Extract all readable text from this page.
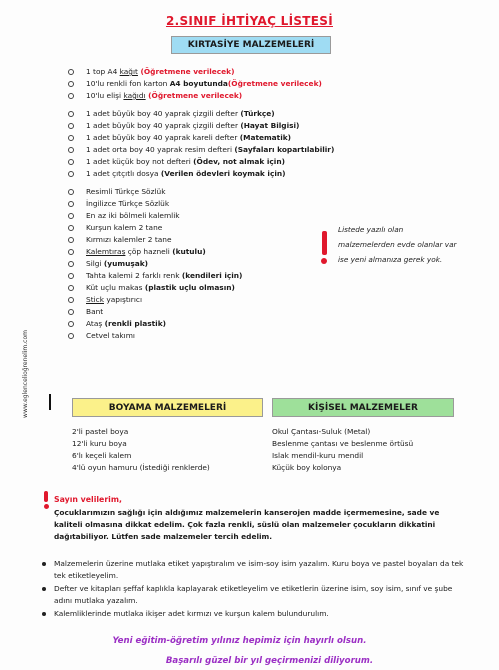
2.SINIF İHTİYAÇ LİSTESİ
KIRTASİYE MALZEMELERİ
1 top A4 kağıt (Öğretmene verilecek)
10'lu renkli fon karton A4 boyutunda(Öğretmene verilecek)
10'lu elişi kağıdı (Öğretmene verilecek)
1 adet büyük boy 40 yaprak çizgili defter (Türkçe)
1 adet büyük boy 40 yaprak çizgili defter (Hayat Bilgisi)
1 adet büyük boy 40 yaprak kareli defter (Matematik)
1 adet orta boy 40 yaprak resim defteri (Sayfaları kopartılabilir)
1 adet küçük boy not defteri (Ödev, not almak için)
1 adet çıtçıtlı dosya (Verilen ödevleri koymak için)
Resimli Türkçe Sözlük
İngilizce Türkçe Sözlük
En az iki bölmeli kalemlik
Kurşun kalem 2 tane
Kırmızı kalemler 2 tane
Kalemtıraş çöp hazneli (kutulu)
Silgi (yumuşak)
Tahta kalemi 2 farklı renk (kendileri için)
Küt uçlu makas (plastik uçlu olmasın)
Stick yapıştırıcı
Bant
Ataş (renkli plastik)
Cetvel takımı
www.eglencelioğrenelim.com
Listede yazılı olan malzemelerden evde olanlar var ise yeni almanıza gerek yok.
BOYAMA MALZEMELERİ	KİŞİSEL MALZEMELER
2'li pastel boya
12'li kuru boya
6'lı keçeli kalem
4'lü oyun hamuru (İstediği renklerde)
Okul Çantası-Suluk (Metal)
Beslenme çantası ve beslenme örtüsü
Islak mendil-kuru mendil
Küçük boy kolonya
Sayın velilerim,
Çocuklarımızın sağlığı için aldığımız malzemelerin kanserojen madde içermemesine, sade ve kaliteli olmasına dikkat edelim. Çok fazla renkli, süslü olan malzemeler çocukların dikkatini dağıtabiliyor. Lütfen sade malzemeler tercih edelim.
Malzemelerin üzerine mutlaka etiket yapıştıralım ve isim-soy isim yazalım. Kuru boya ve pastel boyaları da tek tek etiketleyelim.
Defter ve kitapları şeffaf kaplıkla kaplayarak etiketleyelim ve etiketlerin üzerine isim, soy isim, sınıf ve şube adını mutlaka yazalım.
Kalemliklerinde mutlaka ikişer adet kırmızı ve kurşun kalem bulundurulım.
Yeni eğitim-öğretim yılınız hepimiz için hayırlı olsun.
Başarılı güzel bir yıl geçirmenizi diliyorum.
